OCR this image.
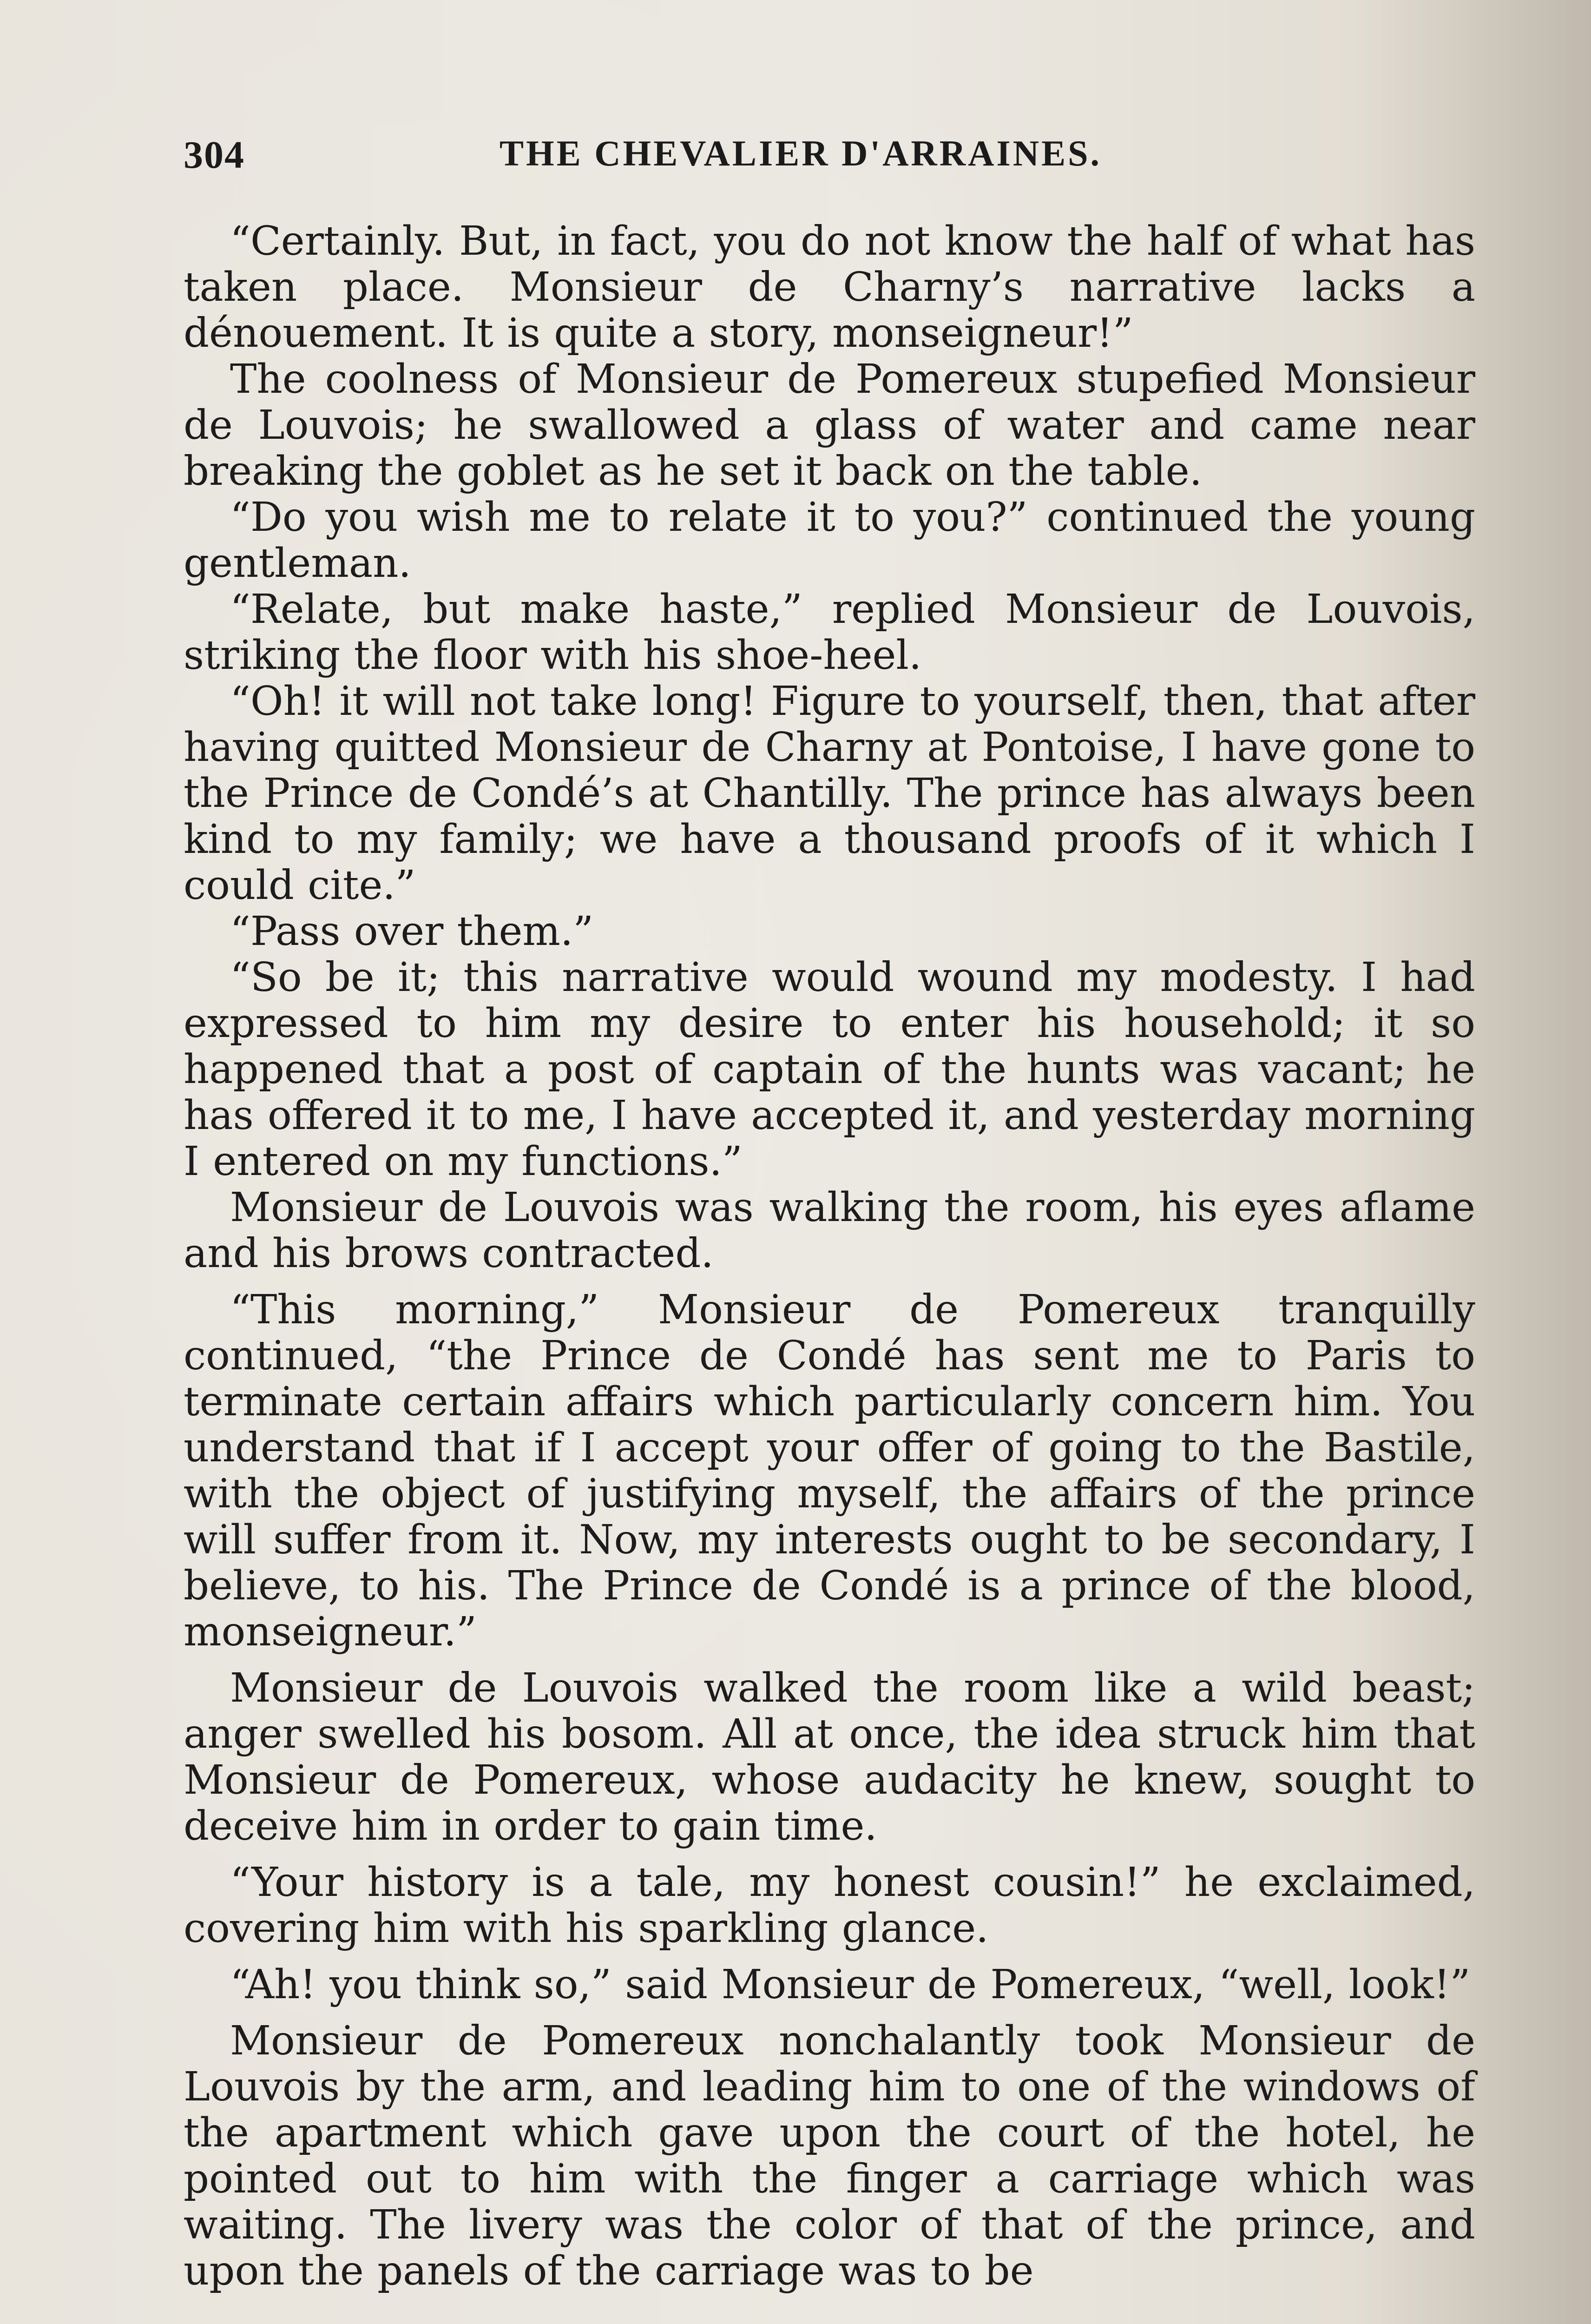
304	THE CHEVALIER D'ARRAINES.

“Certainly. But, in fact, you do not know the half of what has taken place. Monsieur de Charny’s narrative lacks a dénouement. It is quite a story, monseigneur!”

The coolness of Monsieur de Pomereux stupefied Monsieur de Louvois; he swallowed a glass of water and came near breaking the goblet as he set it back on the table.

“Do you wish me to relate it to you?” continued the young gentleman.

“Relate, but make haste,” replied Monsieur de Louvois, striking the floor with his shoe-heel.

“Oh! it will not take long! Figure to yourself, then, that after having quitted Monsieur de Charny at Pontoise, I have gone to the Prince de Condé’s at Chantilly. The prince has always been kind to my family; we have a thousand proofs of it which I could cite.”

“Pass over them.”

“So be it; this narrative would wound my modesty. I had expressed to him my desire to enter his household; it so happened that a post of captain of the hunts was vacant; he has offered it to me, I have accepted it, and yesterday morning I entered on my functions.”

Monsieur de Louvois was walking the room, his eyes aflame and his brows contracted.

“This morning,” Monsieur de Pomereux tranquilly continued, “the Prince de Condé has sent me to Paris to terminate certain affairs which particularly concern him. You understand that if I accept your offer of going to the Bastile, with the object of justifying myself, the affairs of the prince will suffer from it. Now, my interests ought to be secondary, I believe, to his. The Prince de Condé is a prince of the blood, monseigneur.”

Monsieur de Louvois walked the room like a wild beast; anger swelled his bosom. All at once, the idea struck him that Monsieur de Pomereux, whose audacity he knew, sought to deceive him in order to gain time.

“Your history is a tale, my honest cousin!” he exclaimed, covering him with his sparkling glance.

“Ah! you think so,” said Monsieur de Pomereux, “well, look!”

Monsieur de Pomereux nonchalantly took Monsieur de Louvois by the arm, and leading him to one of the windows of the apartment which gave upon the court of the hotel, he pointed out to him with the finger a carriage which was waiting. The livery was the color of that of the prince, and upon the panels of the carriage was to be
